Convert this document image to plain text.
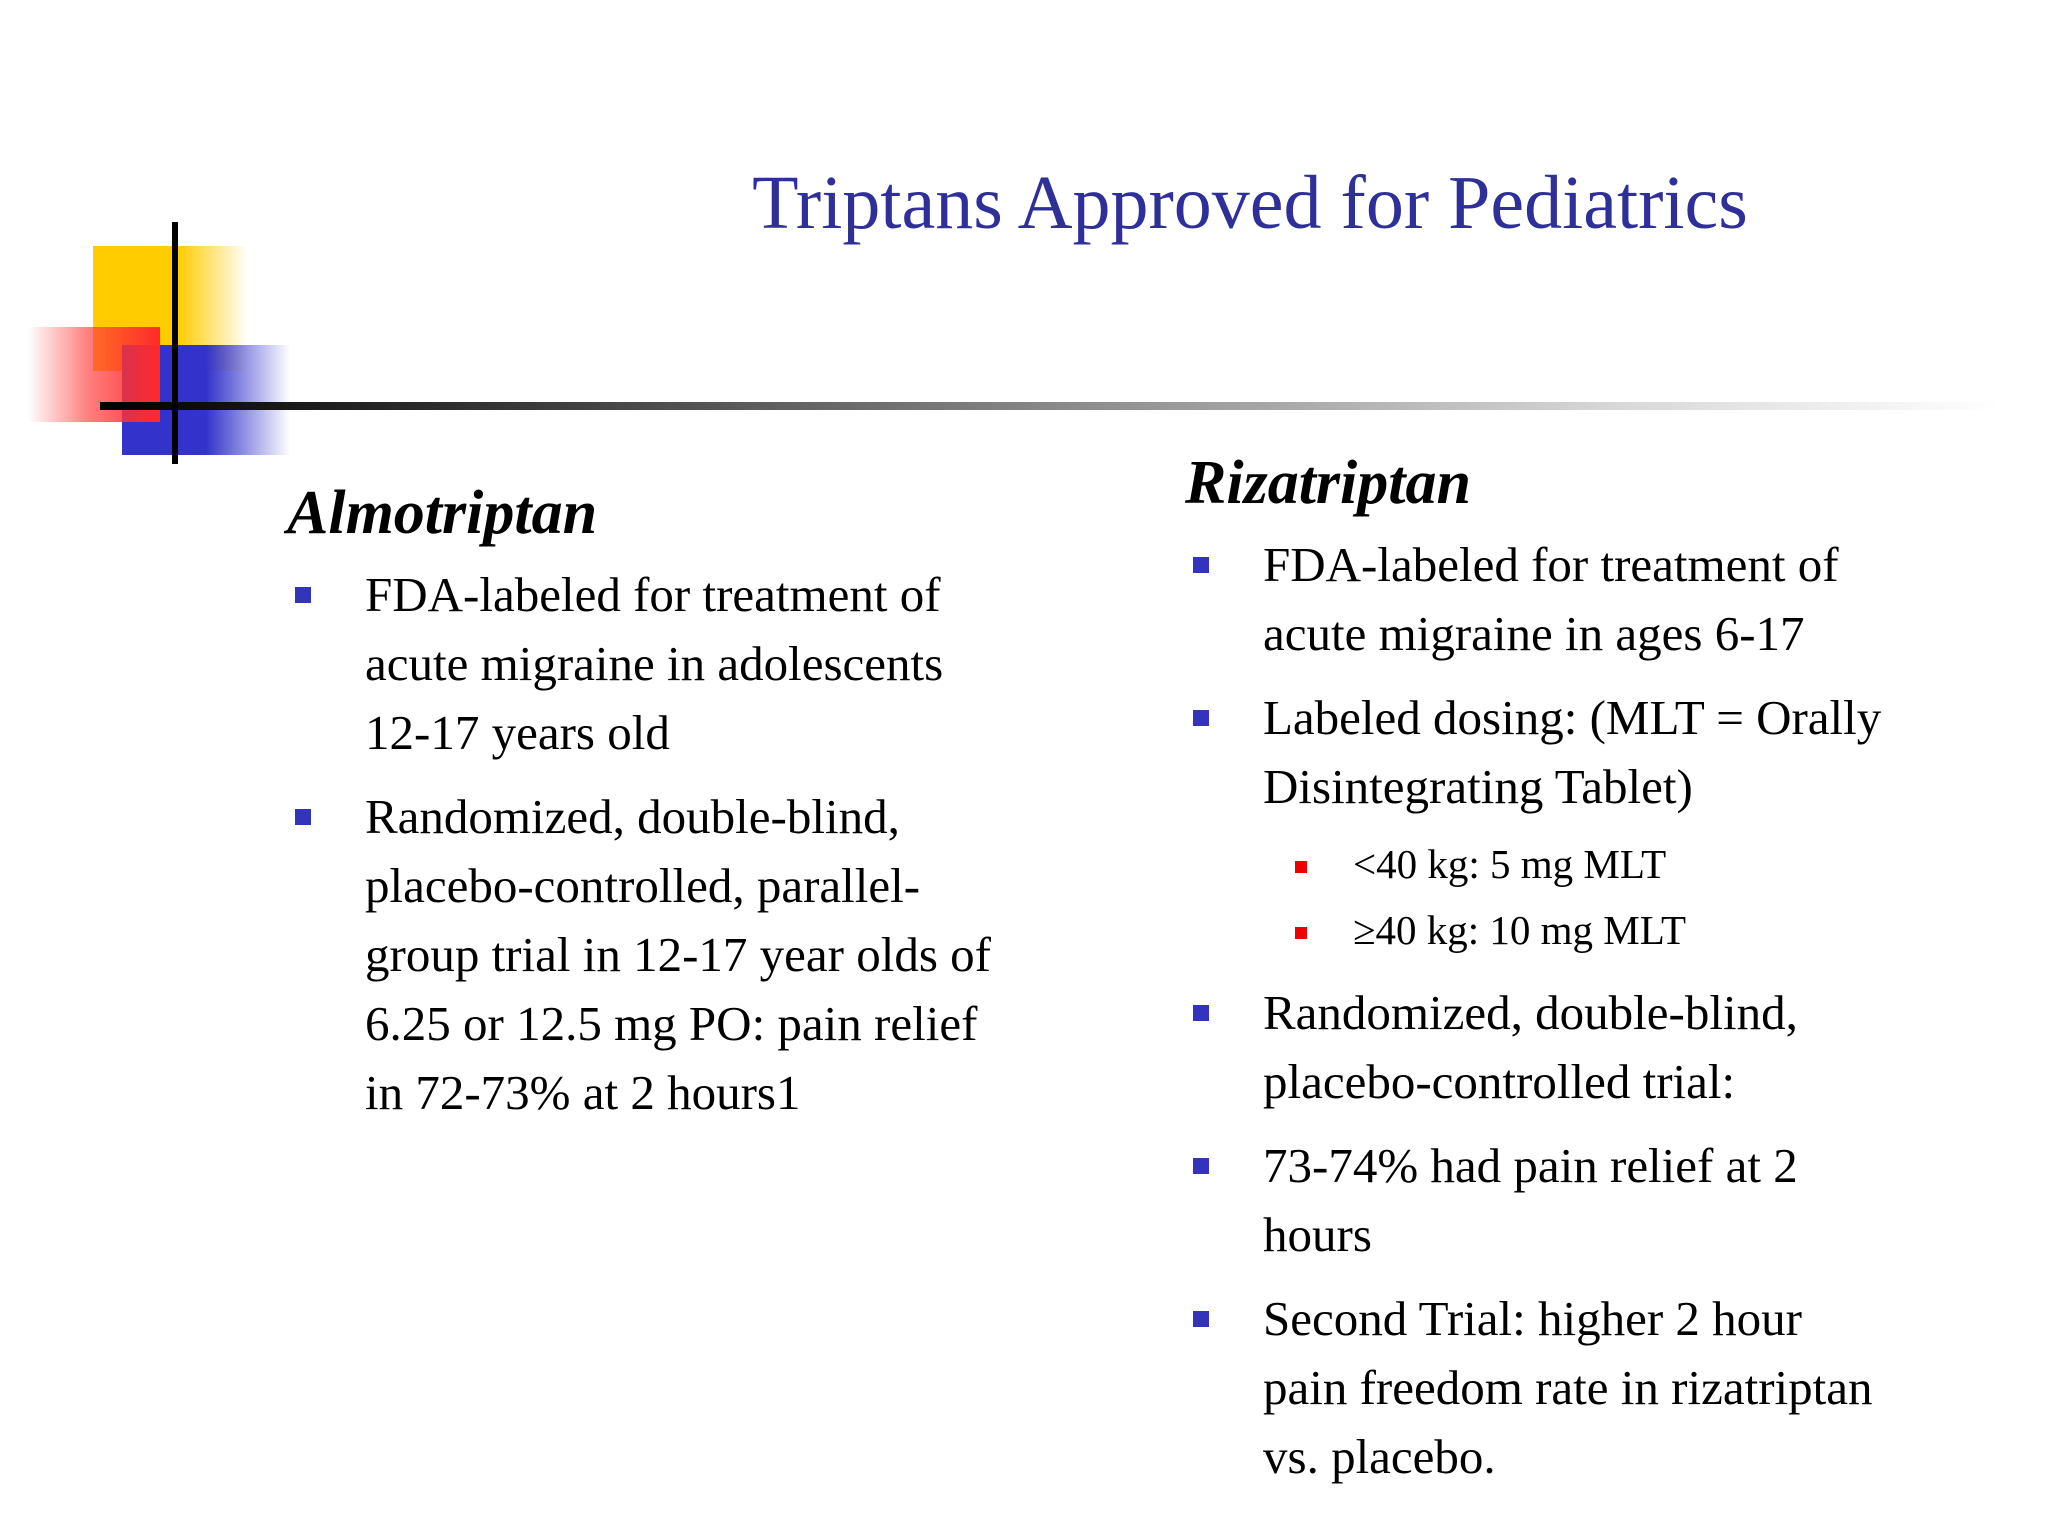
Triptans Approved for Pediatrics
Almotriptan
FDA-labeled for treatment of
acute migraine in adolescents
12-17 years old
Randomized, double-blind,
placebo-controlled, parallel-
group trial in 12-17 year olds of
6.25 or 12.5 mg PO: pain relief
in 72-73% at 2 hours1
Rizatriptan
FDA-labeled for treatment of
acute migraine in ages 6-17
Labeled dosing: (MLT = Orally
Disintegrating Tablet)
<40 kg: 5 mg MLT
≥40 kg: 10 mg MLT
Randomized, double-blind,
placebo-controlled trial:
73-74% had pain relief at 2
hours
Second Trial: higher 2 hour
pain freedom rate in rizatriptan
vs. placebo.
